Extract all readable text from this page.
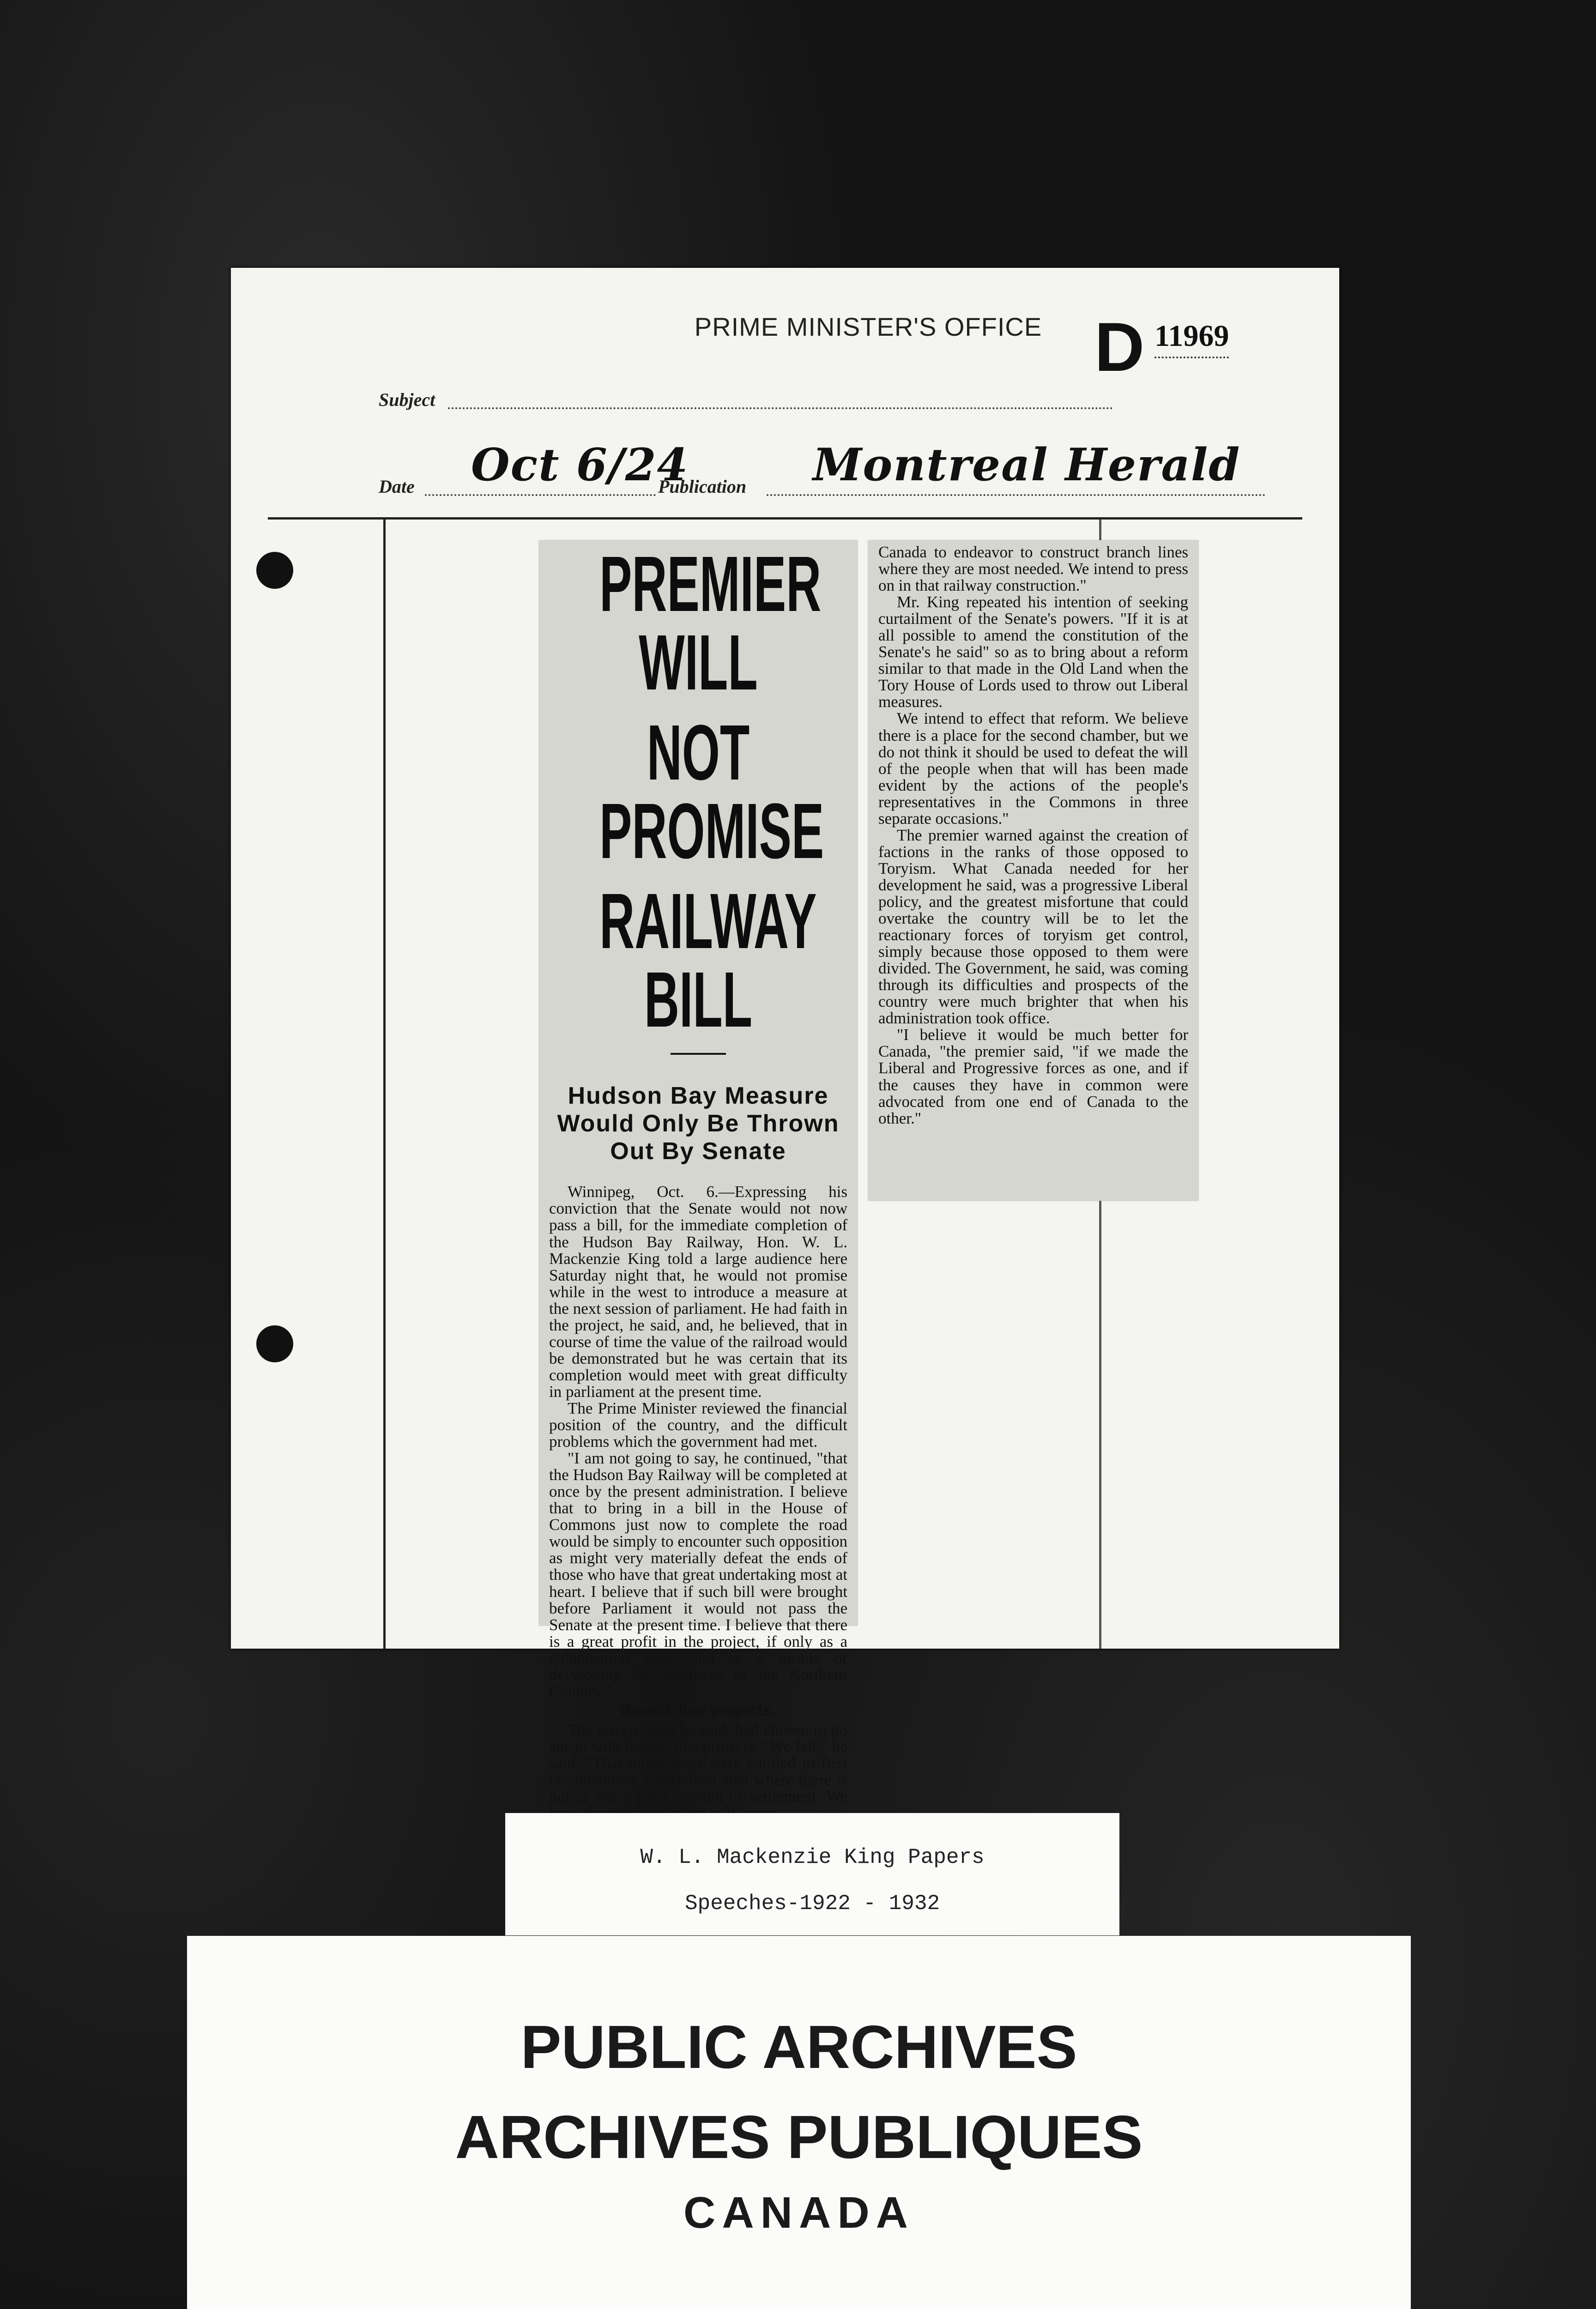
PRIME MINISTER'S OFFICE D 11969
Subject
Date Oct 6/24
Publication Montreal Herald
PREMIER WILL
NOT PROMISE
RAILWAY BILL
Hudson Bay Measure
Would Only Be Thrown
Out By Senate

Winnipeg, Oct. 6.—Expressing his conviction that the Senate would not now pass a bill, for the immediate completion of the Hudson Bay Railway, Hon. W. L. Mackenzie King told a large audience here Saturday night that, he would not promise while in the west to introduce a measure at the next session of parliament. He had faith in the project, he said, and, he believed, that in course of time the value of the railroad would be demonstrated but he was certain that its completion would meet with great difficulty in parliament at the present time.

The Prime Minister reviewed the financial position of the country, and the difficult problems which the government had met.

"I am not going to say, he continued, "that the Hudson Bay Railway will be completed at once by the present administration. I believe that to bring in a bill in the House of Commons just now to complete the road would be simply to encounter such opposition as might very materially defeat the ends of those who have that great undertaking most at heart. I believe that if such bill were brought before Parliament it would not pass the Senate at the present time. I believe that there is a great profit in the project, if only as a colonization road, and as a means of developing the resources of the Northern Country."

Branch line projects.

The government he said, had chosen to go ahead with branch line projects. "We felt," he said, "That those areas were entitled to first consideration, rather than area where there is not as yet a great amount of settlement. We

Canada to endeavor to construct branch lines where they are most needed. We intend to press on in that railway construction."

Mr. King repeated his intention of seeking curtailment of the Senate's powers. "If it is at all possible to amend the constitution of the Senate's he said" so as to bring about a reform similar to that made in the Old Land when the Tory House of Lords used to throw out Liberal measures.

We intend to effect that reform. We believe there is a place for the second chamber, but we do not think it should be used to defeat the will of the people when that will has been made evident by the actions of the people's representatives in the Commons in three separate occasions."

The premier warned against the creation of factions in the ranks of those opposed to Toryism. What Canada needed for her development he said, was a progressive Liberal policy, and the greatest misfortune that could overtake the country will be to let the reactionary forces of toryism get control, simply because those opposed to them were divided. The Government, he said, was coming through its difficulties and prospects of the country were much brighter that when his administration took office.

"I believe it would be much better for Canada, "the premier said, "if we made the Liberal and Progressive forces as one, and if the causes they have in common were advocated from one end of Canada to the other."

W. L. Mackenzie King Papers
Speeches-1922 - 1932
PUBLIC ARCHIVES
ARCHIVES PUBLIQUES
CANADA
